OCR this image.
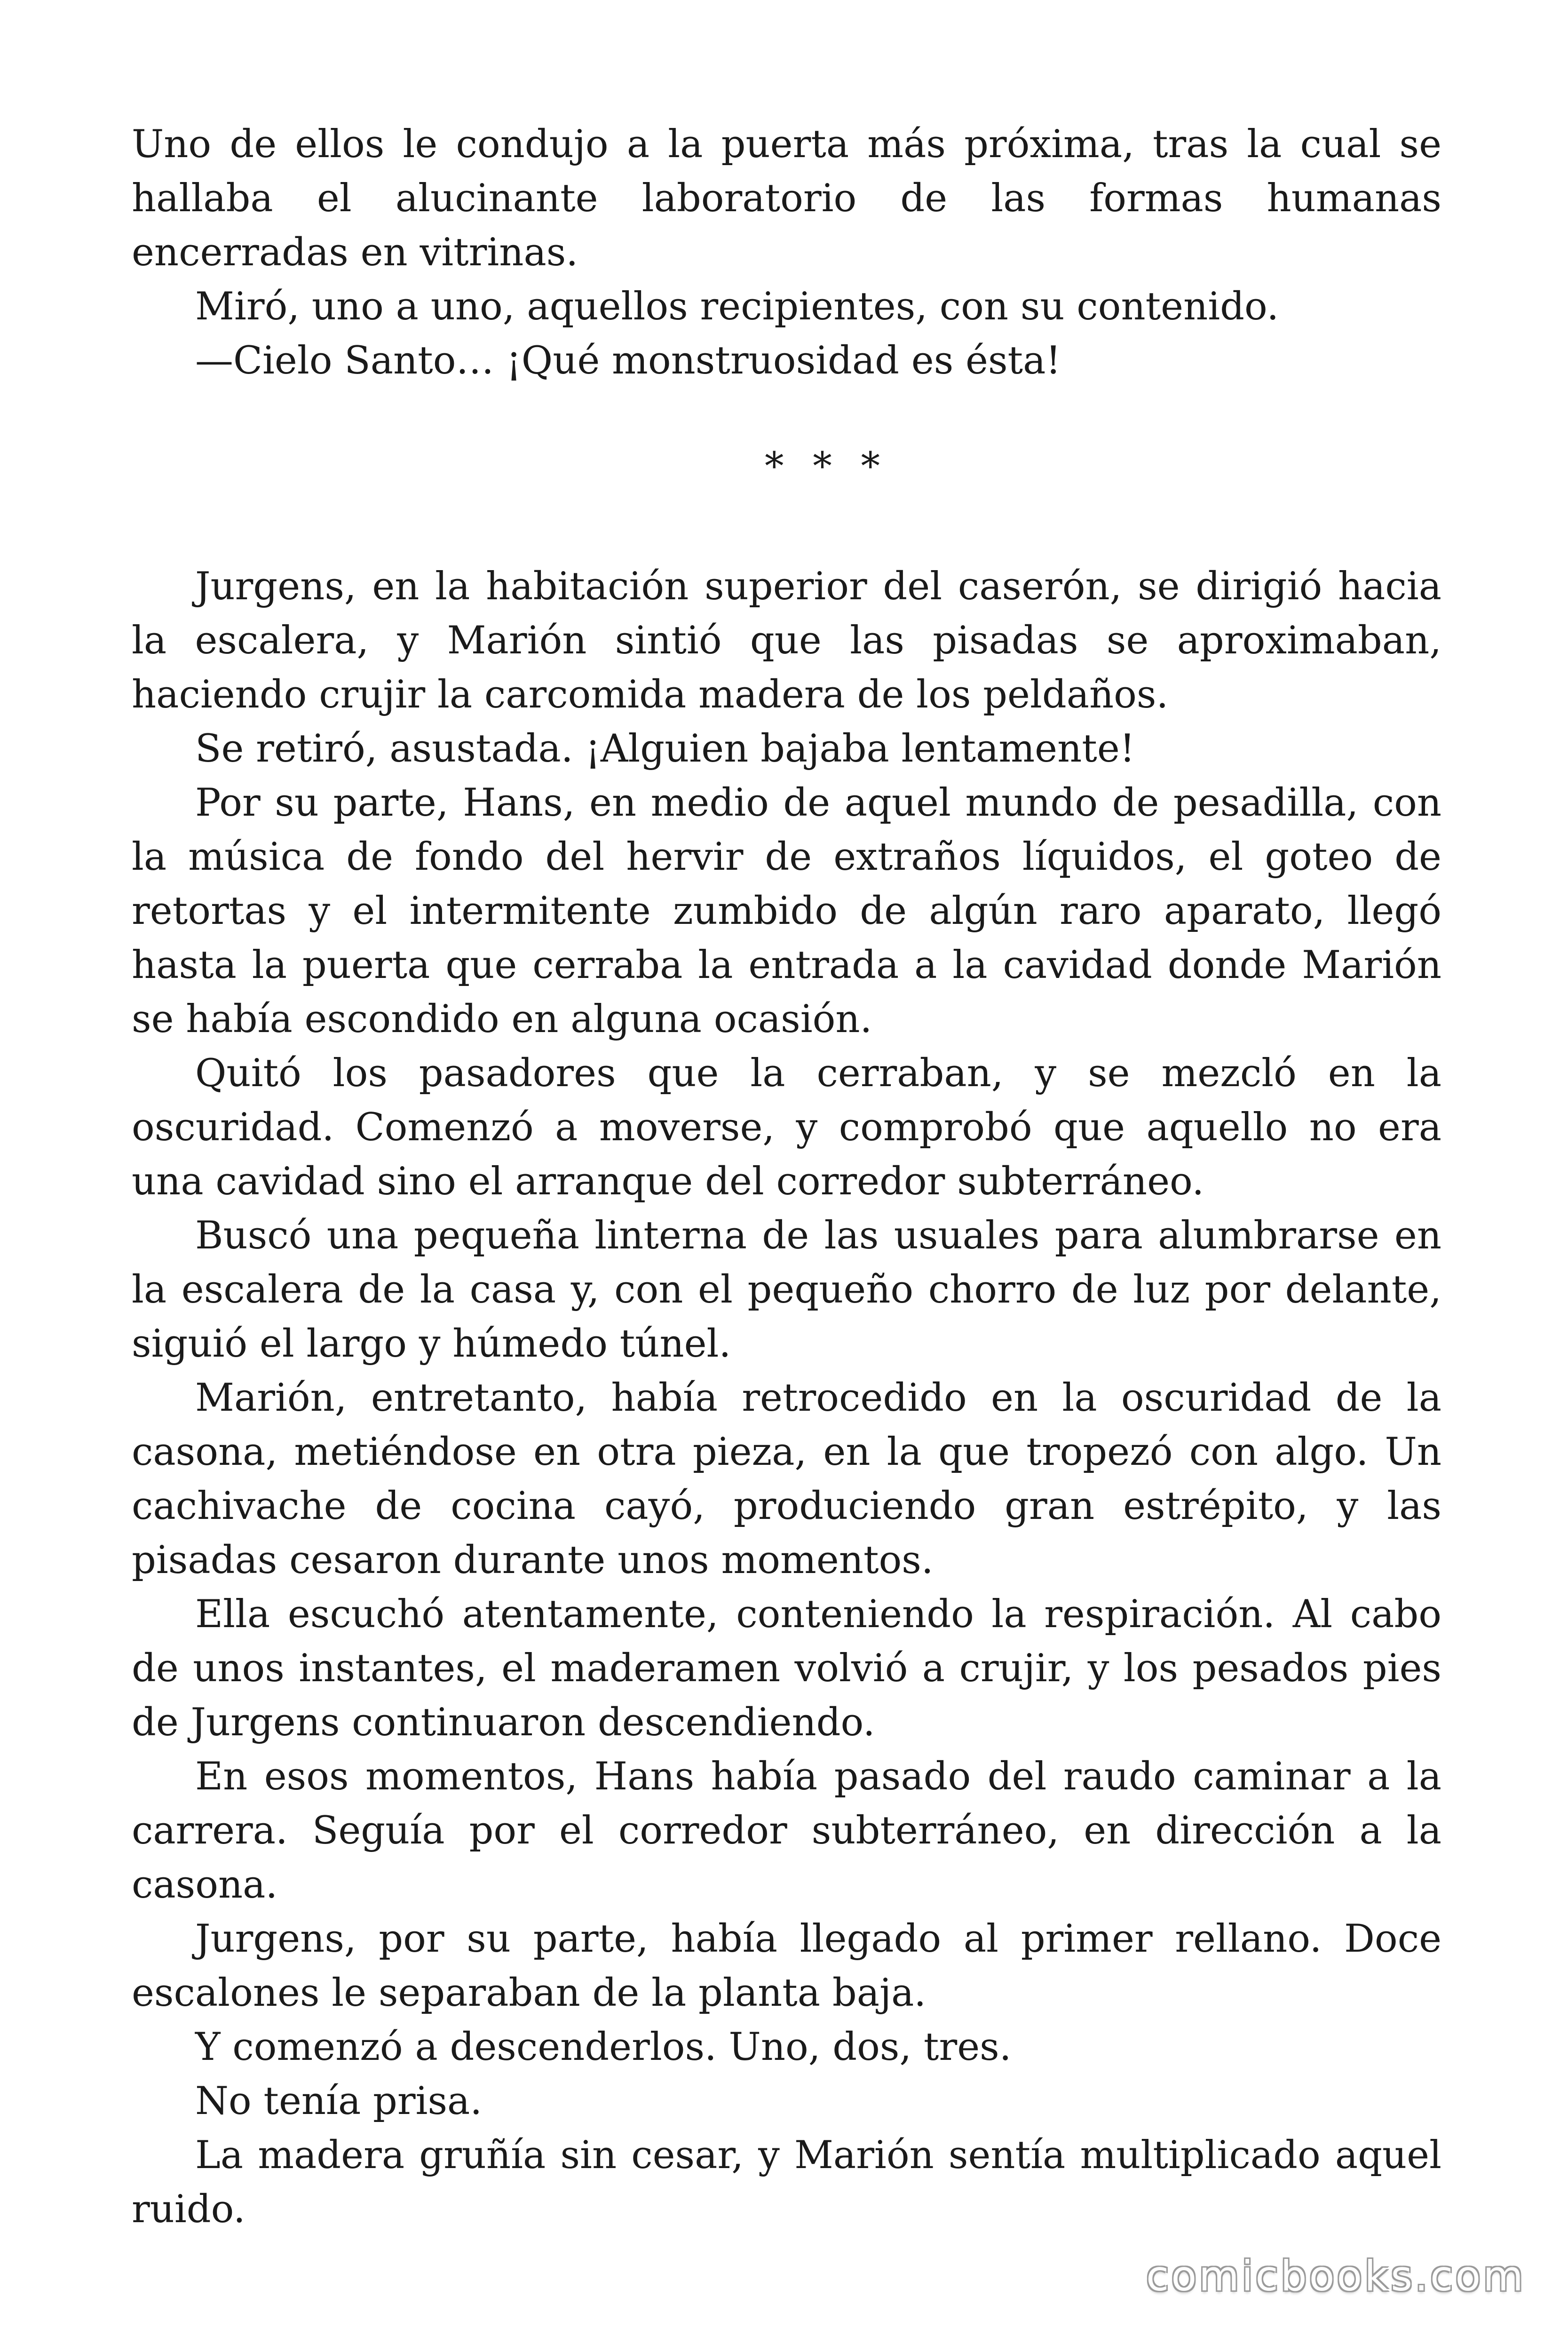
Uno de ellos le condujo a la puerta más próxima, tras la cual se hallaba el alucinante laboratorio de las formas humanas encerradas en vitrinas.

Miró, uno a uno, aquellos recipientes, con su contenido.

—Cielo Santo… ¡Qué monstruosidad es ésta!

* * *

Jurgens, en la habitación superior del caserón, se dirigió hacia la escalera, y Marión sintió que las pisadas se aproximaban, haciendo crujir la carcomida madera de los peldaños.

Se retiró, asustada. ¡Alguien bajaba lentamente!

Por su parte, Hans, en medio de aquel mundo de pesadilla, con la música de fondo del hervir de extraños líquidos, el goteo de retortas y el intermitente zumbido de algún raro aparato, llegó hasta la puerta que cerraba la entrada a la cavidad donde Marión se había escondido en alguna ocasión.

Quitó los pasadores que la cerraban, y se mezcló en la oscuridad. Comenzó a moverse, y comprobó que aquello no era una cavidad sino el arranque del corredor subterráneo.

Buscó una pequeña linterna de las usuales para alumbrarse en la escalera de la casa y, con el pequeño chorro de luz por delante, siguió el largo y húmedo túnel.

Marión, entretanto, había retrocedido en la oscuridad de la casona, metiéndose en otra pieza, en la que tropezó con algo. Un cachivache de cocina cayó, produciendo gran estrépito, y las pisadas cesaron durante unos momentos.

Ella escuchó atentamente, conteniendo la respiración. Al cabo de unos instantes, el maderamen volvió a crujir, y los pesados pies de Jurgens continuaron descendiendo.

En esos momentos, Hans había pasado del raudo caminar a la carrera. Seguía por el corredor subterráneo, en dirección a la casona.

Jurgens, por su parte, había llegado al primer rellano. Doce escalones le separaban de la planta baja.

Y comenzó a descenderlos. Uno, dos, tres.

No tenía prisa.

La madera gruñía sin cesar, y Marión sentía multiplicado aquel ruido.

comicbooks.com
